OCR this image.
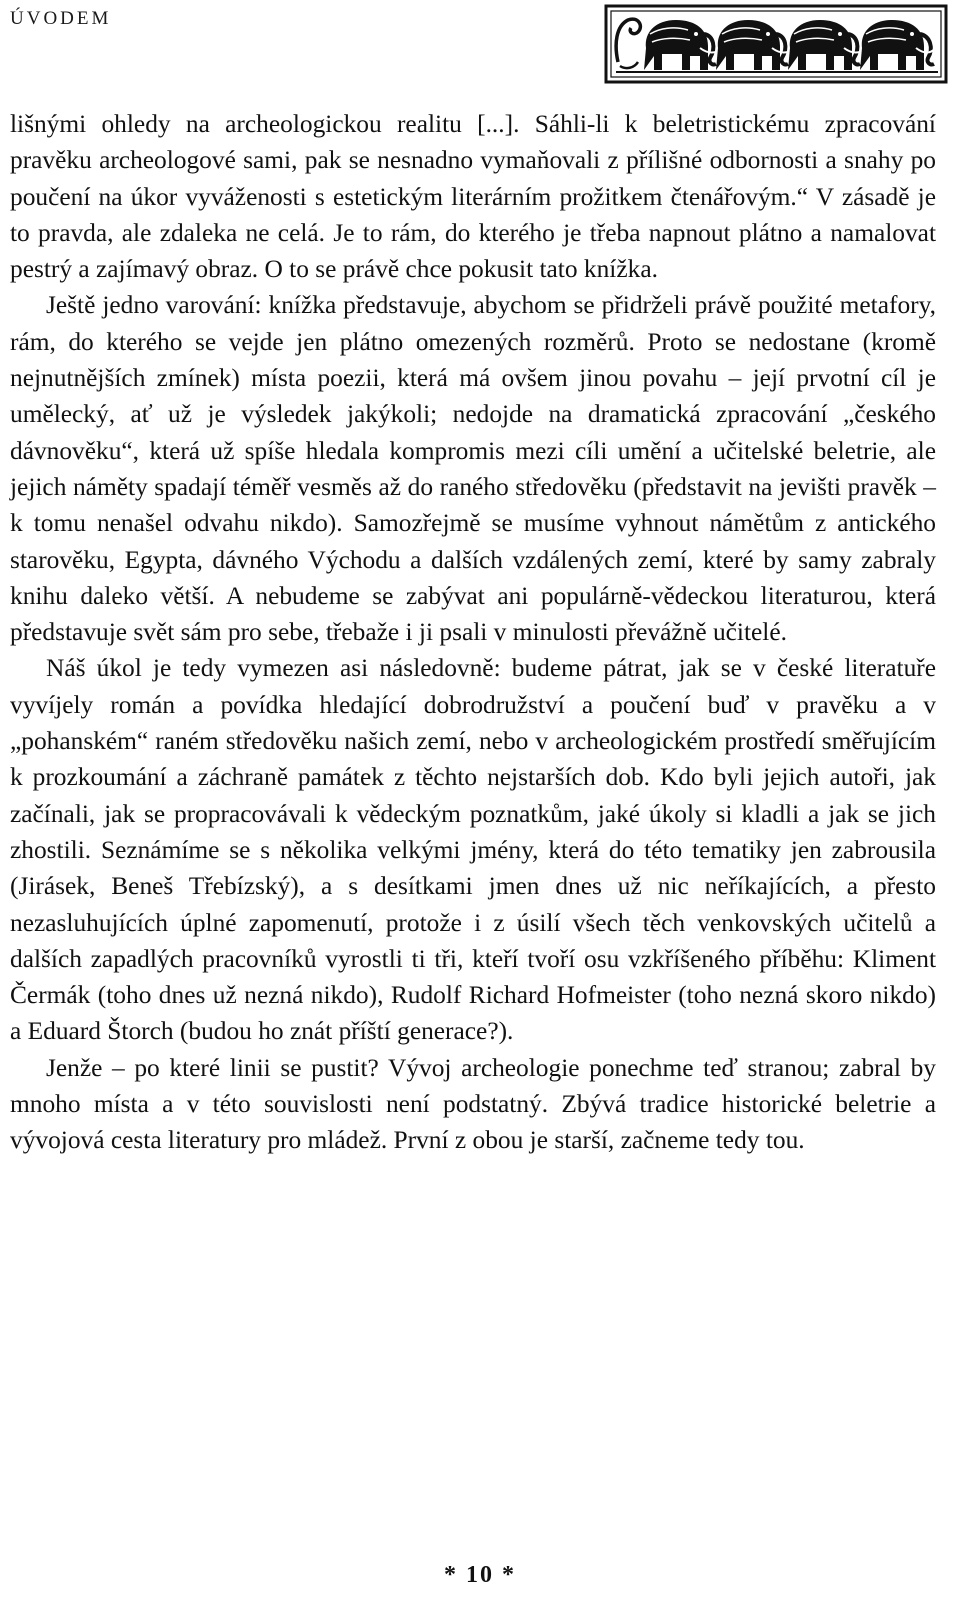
ÚVODEM

lišnými ohledy na archeologickou realitu [...]. Sáhli-li k beletristickému zpracování pravěku archeologové sami, pak se nesnadno vymaňovali z přílišné odbornosti a snahy po poučení na úkor vyváženosti s estetickým literárním prožitkem čtenářovým.“ V zásadě je to pravda, ale zdaleka ne celá. Je to rám, do kterého je třeba napnout plátno a namalovat pestrý a zajímavý obraz. O to se právě chce pokusit tato knížka.

Ještě jedno varování: knížka představuje, abychom se přidrželi právě použité metafory, rám, do kterého se vejde jen plátno omezených rozměrů. Proto se nedostane (kromě nejnutnějších zmínek) místa poezii, která má ovšem jinou povahu – její prvotní cíl je umělecký, ať už je výsledek jakýkoli; nedojde na dramatická zpracování „českého dávnověku“, která už spíše hledala kompromis mezi cíli umění a učitelské beletrie, ale jejich náměty spadají téměř vesměs až do raného středověku (představit na jevišti pravěk – k tomu nenašel odvahu nikdo). Samozřejmě se musíme vyhnout námětům z antického starověku, Egypta, dávného Východu a dalších vzdálených zemí, které by samy zabraly knihu daleko větší. A nebudeme se zabývat ani populárně-vědeckou literaturou, která představuje svět sám pro sebe, třebaže i ji psali v minulosti převážně učitelé.

Náš úkol je tedy vymezen asi následovně: budeme pátrat, jak se v české literatuře vyvíjely román a povídka hledající dobrodružství a poučení buď v pravěku a v „pohanském“ raném středověku našich zemí, nebo v archeologickém prostředí směřujícím k prozkoumání a záchraně památek z těchto nejstarších dob. Kdo byli jejich autoři, jak začínali, jak se propracovávali k vědeckým poznatkům, jaké úkoly si kladli a jak se jich zhostili. Seznámíme se s několika velkými jmény, která do této tematiky jen zabrousila (Jirásek, Beneš Třebízský), a s desítkami jmen dnes už nic neříkajících, a přesto nezasluhujících úplné zapomenutí, protože i z úsilí všech těch venkovských učitelů a dalších zapadlých pracovníků vyrostli ti tři, kteří tvoří osu vzkříšeného příběhu: Kliment Čermák (toho dnes už nezná nikdo), Rudolf Richard Hofmeister (toho nezná skoro nikdo) a Eduard Štorch (budou ho znát příští generace?).

Jenže – po které linii se pustit? Vývoj archeologie ponechme teď stranou; zabral by mnoho místa a v této souvislosti není podstatný. Zbývá tradice historické beletrie a vývojová cesta literatury pro mládež. První z obou je starší, začneme tedy tou.

* 10 *
